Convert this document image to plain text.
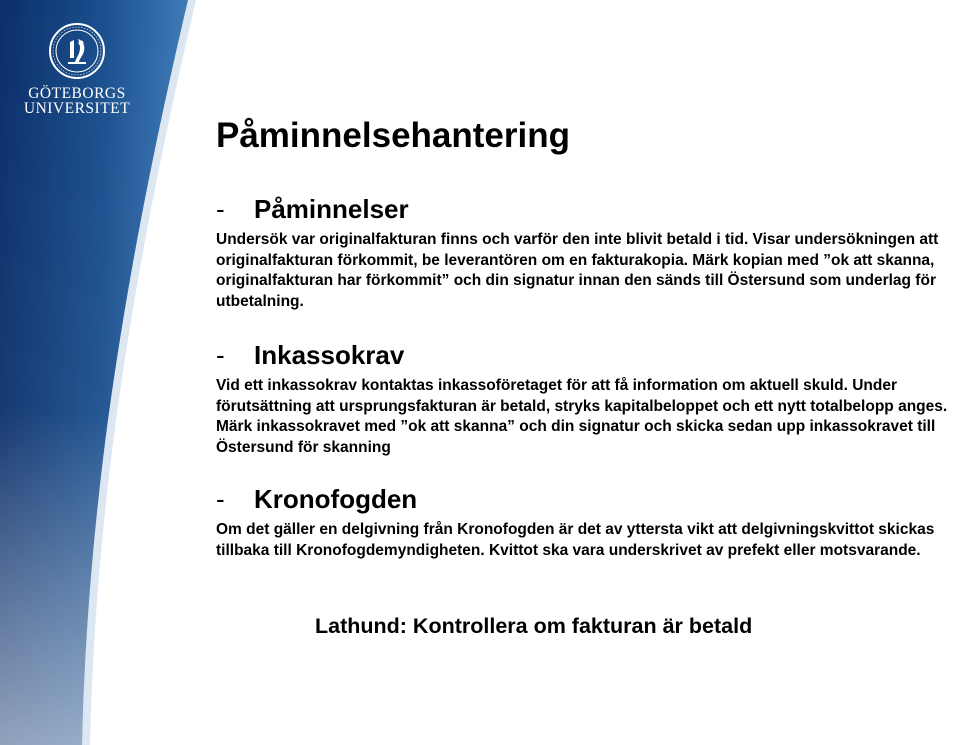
GÖTEBORGS
UNIVERSITET
Påminnelsehantering
- Påminnelser
Undersök var originalfakturan finns och varför den inte blivit betald i tid. Visar undersökningen att originalfakturan förkommit, be leverantören om en fakturakopia. Märk kopian med ”ok att skanna, originalfakturan har förkommit” och din signatur innan den sänds till Östersund som underlag för utbetalning.
- Inkassokrav
Vid ett inkassokrav kontaktas inkassoföretaget för att få information om aktuell skuld. Under förutsättning att ursprungsfakturan är betald, stryks kapitalbeloppet och ett nytt totalbelopp anges. Märk inkassokravet med ”ok att skanna” och din signatur och skicka sedan upp inkassokravet till Östersund för skanning
- Kronofogden
Om det gäller en delgivning från Kronofogden är det av yttersta vikt att delgivningskvittot skickas tillbaka till Kronofogdemyndigheten. Kvittot ska vara underskrivet av prefekt eller motsvarande.
Lathund: Kontrollera om fakturan är betald
